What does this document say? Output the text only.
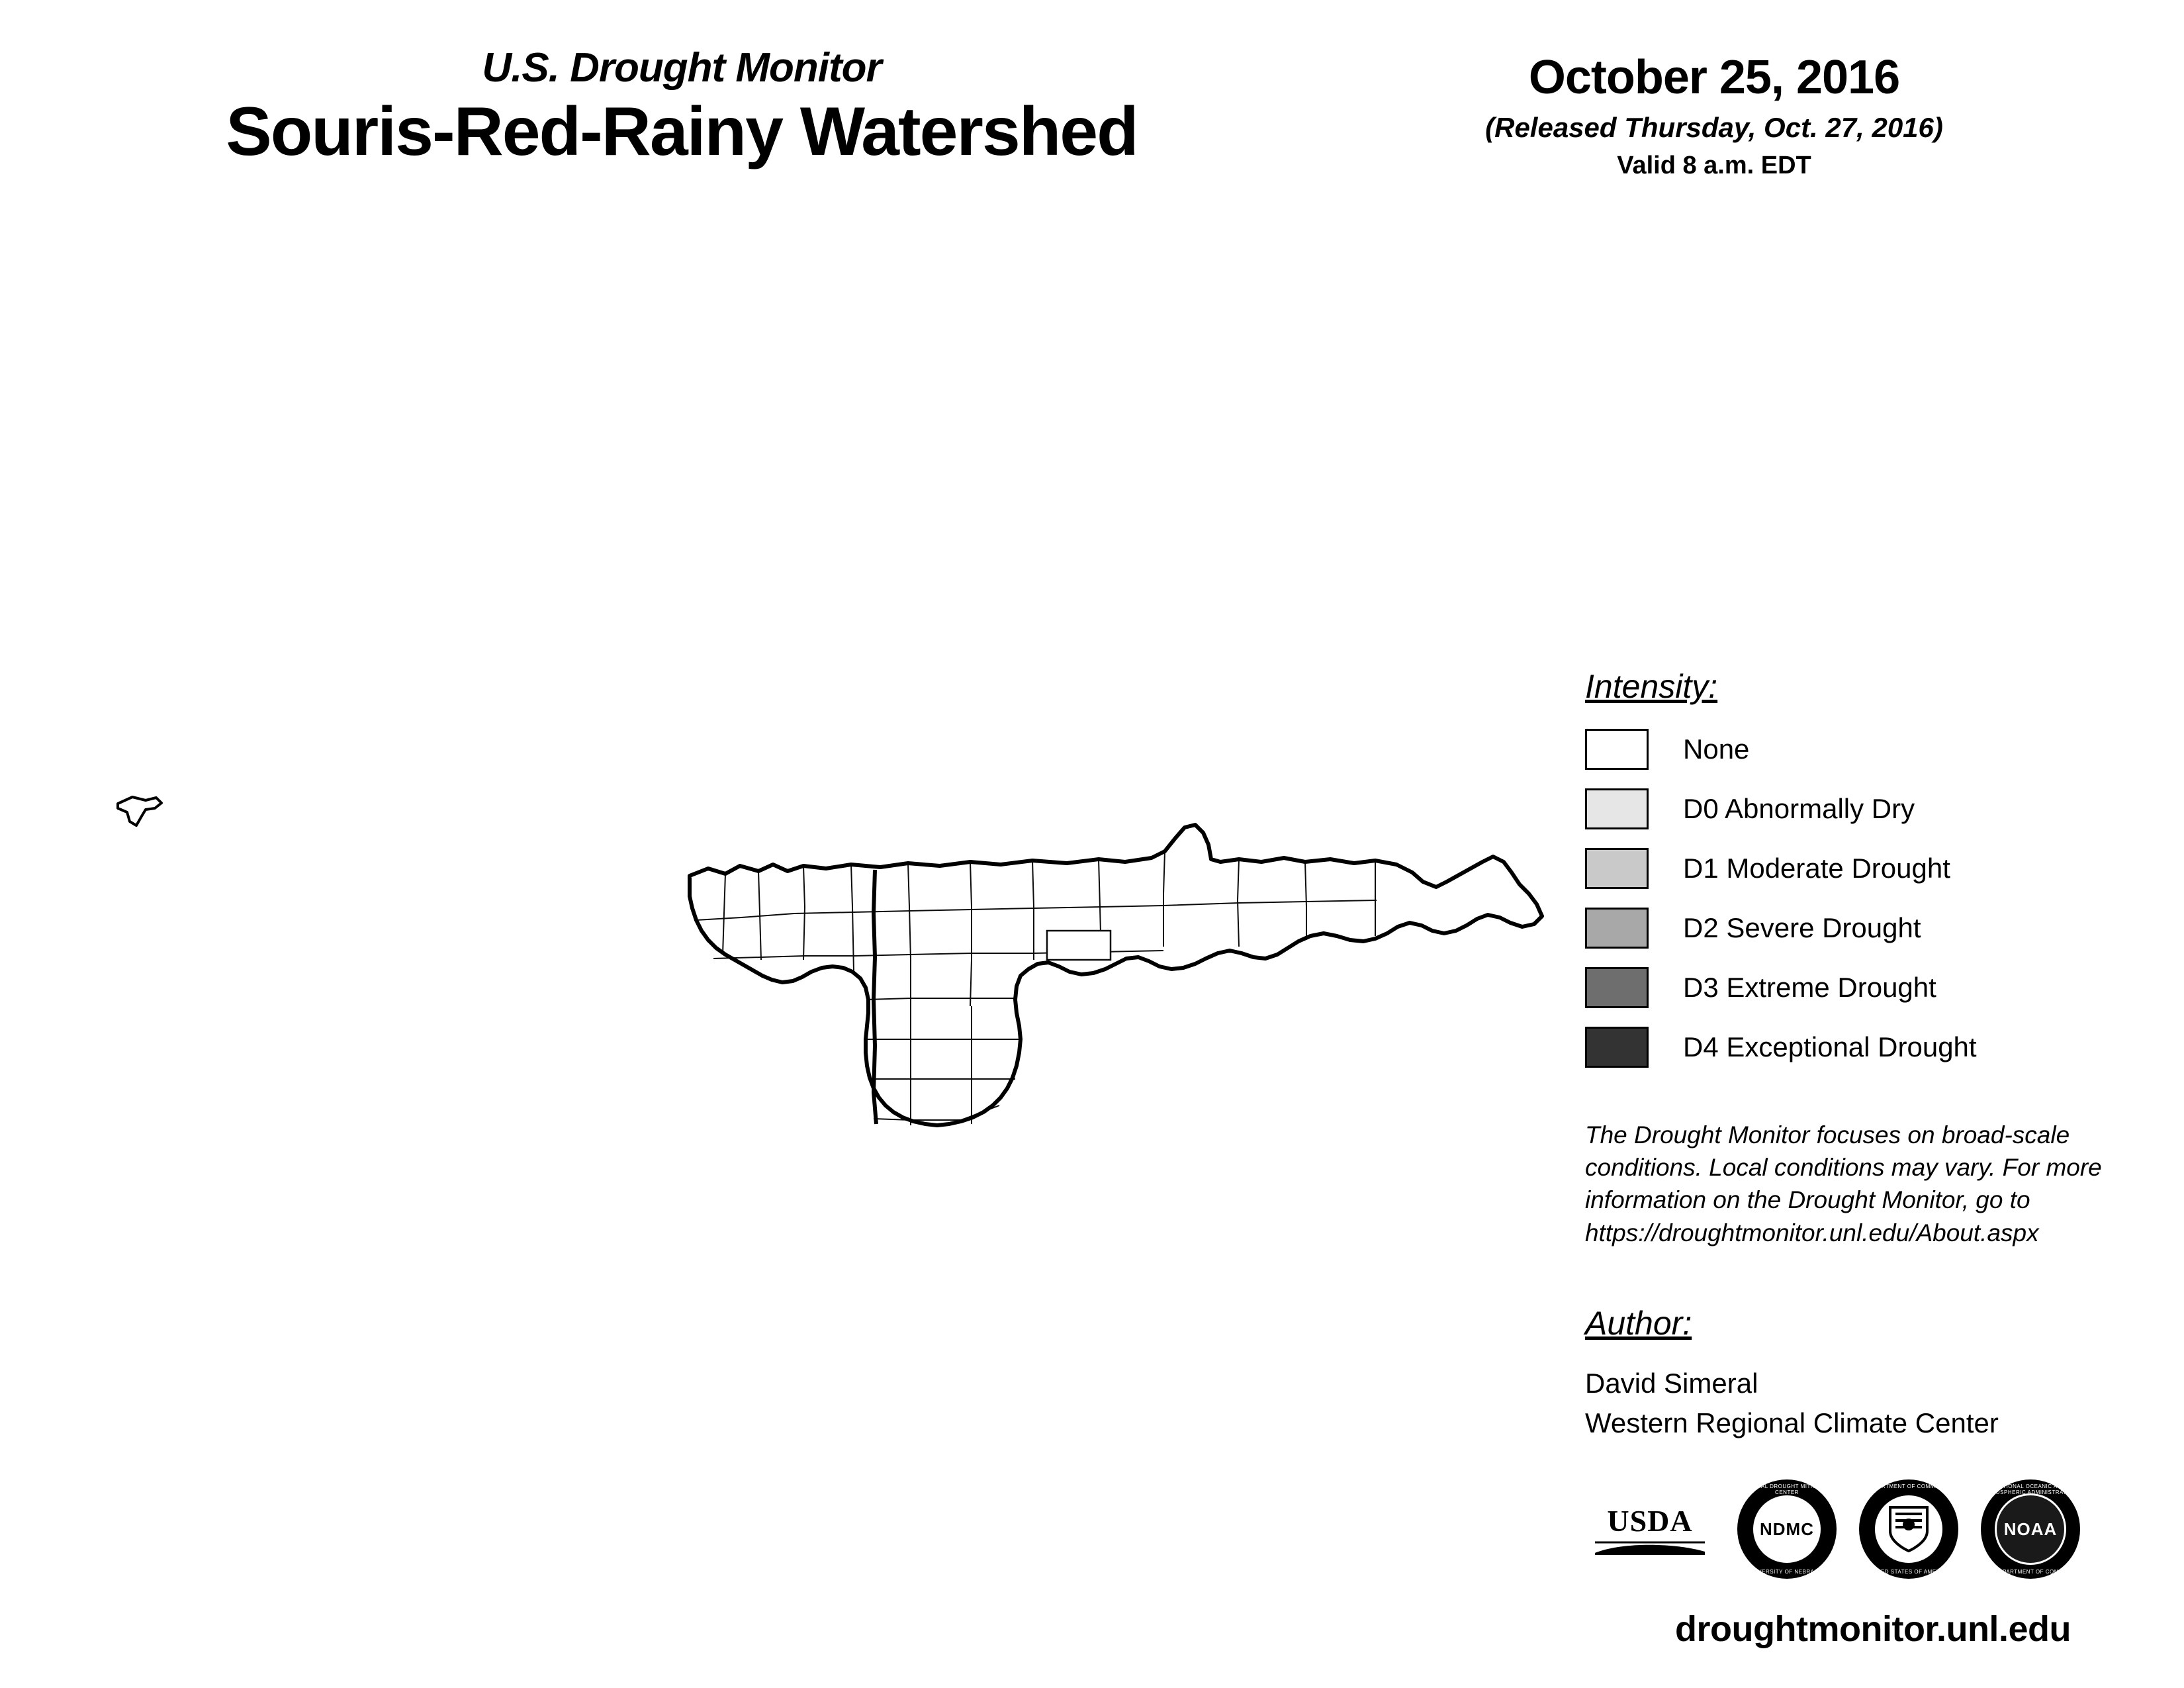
U.S. Drought Monitor
Souris-Red-Rainy Watershed
October 25, 2016
(Released Thursday, Oct. 27, 2016)
Valid 8 a.m. EDT
Intensity:
None
D0 Abnormally Dry
D1 Moderate Drought
D2 Severe Drought
D3 Extreme Drought
D4 Exceptional Drought
The Drought Monitor focuses on broad-scale conditions. Local conditions may vary. For more information on the Drought Monitor, go to https://droughtmonitor.unl.edu/About.aspx
Author:
David Simeral
Western Regional Climate Center
USDA
NATIONAL DROUGHT MITIGATION CENTER
NDMC
UNIVERSITY OF NEBRASKA
DEPARTMENT OF COMMERCE
UNITED STATES OF AMERICA
NATIONAL OCEANIC AND ATMOSPHERIC ADMINISTRATION
NOAA
U.S. DEPARTMENT OF COMMERCE
droughtmonitor.unl.edu
